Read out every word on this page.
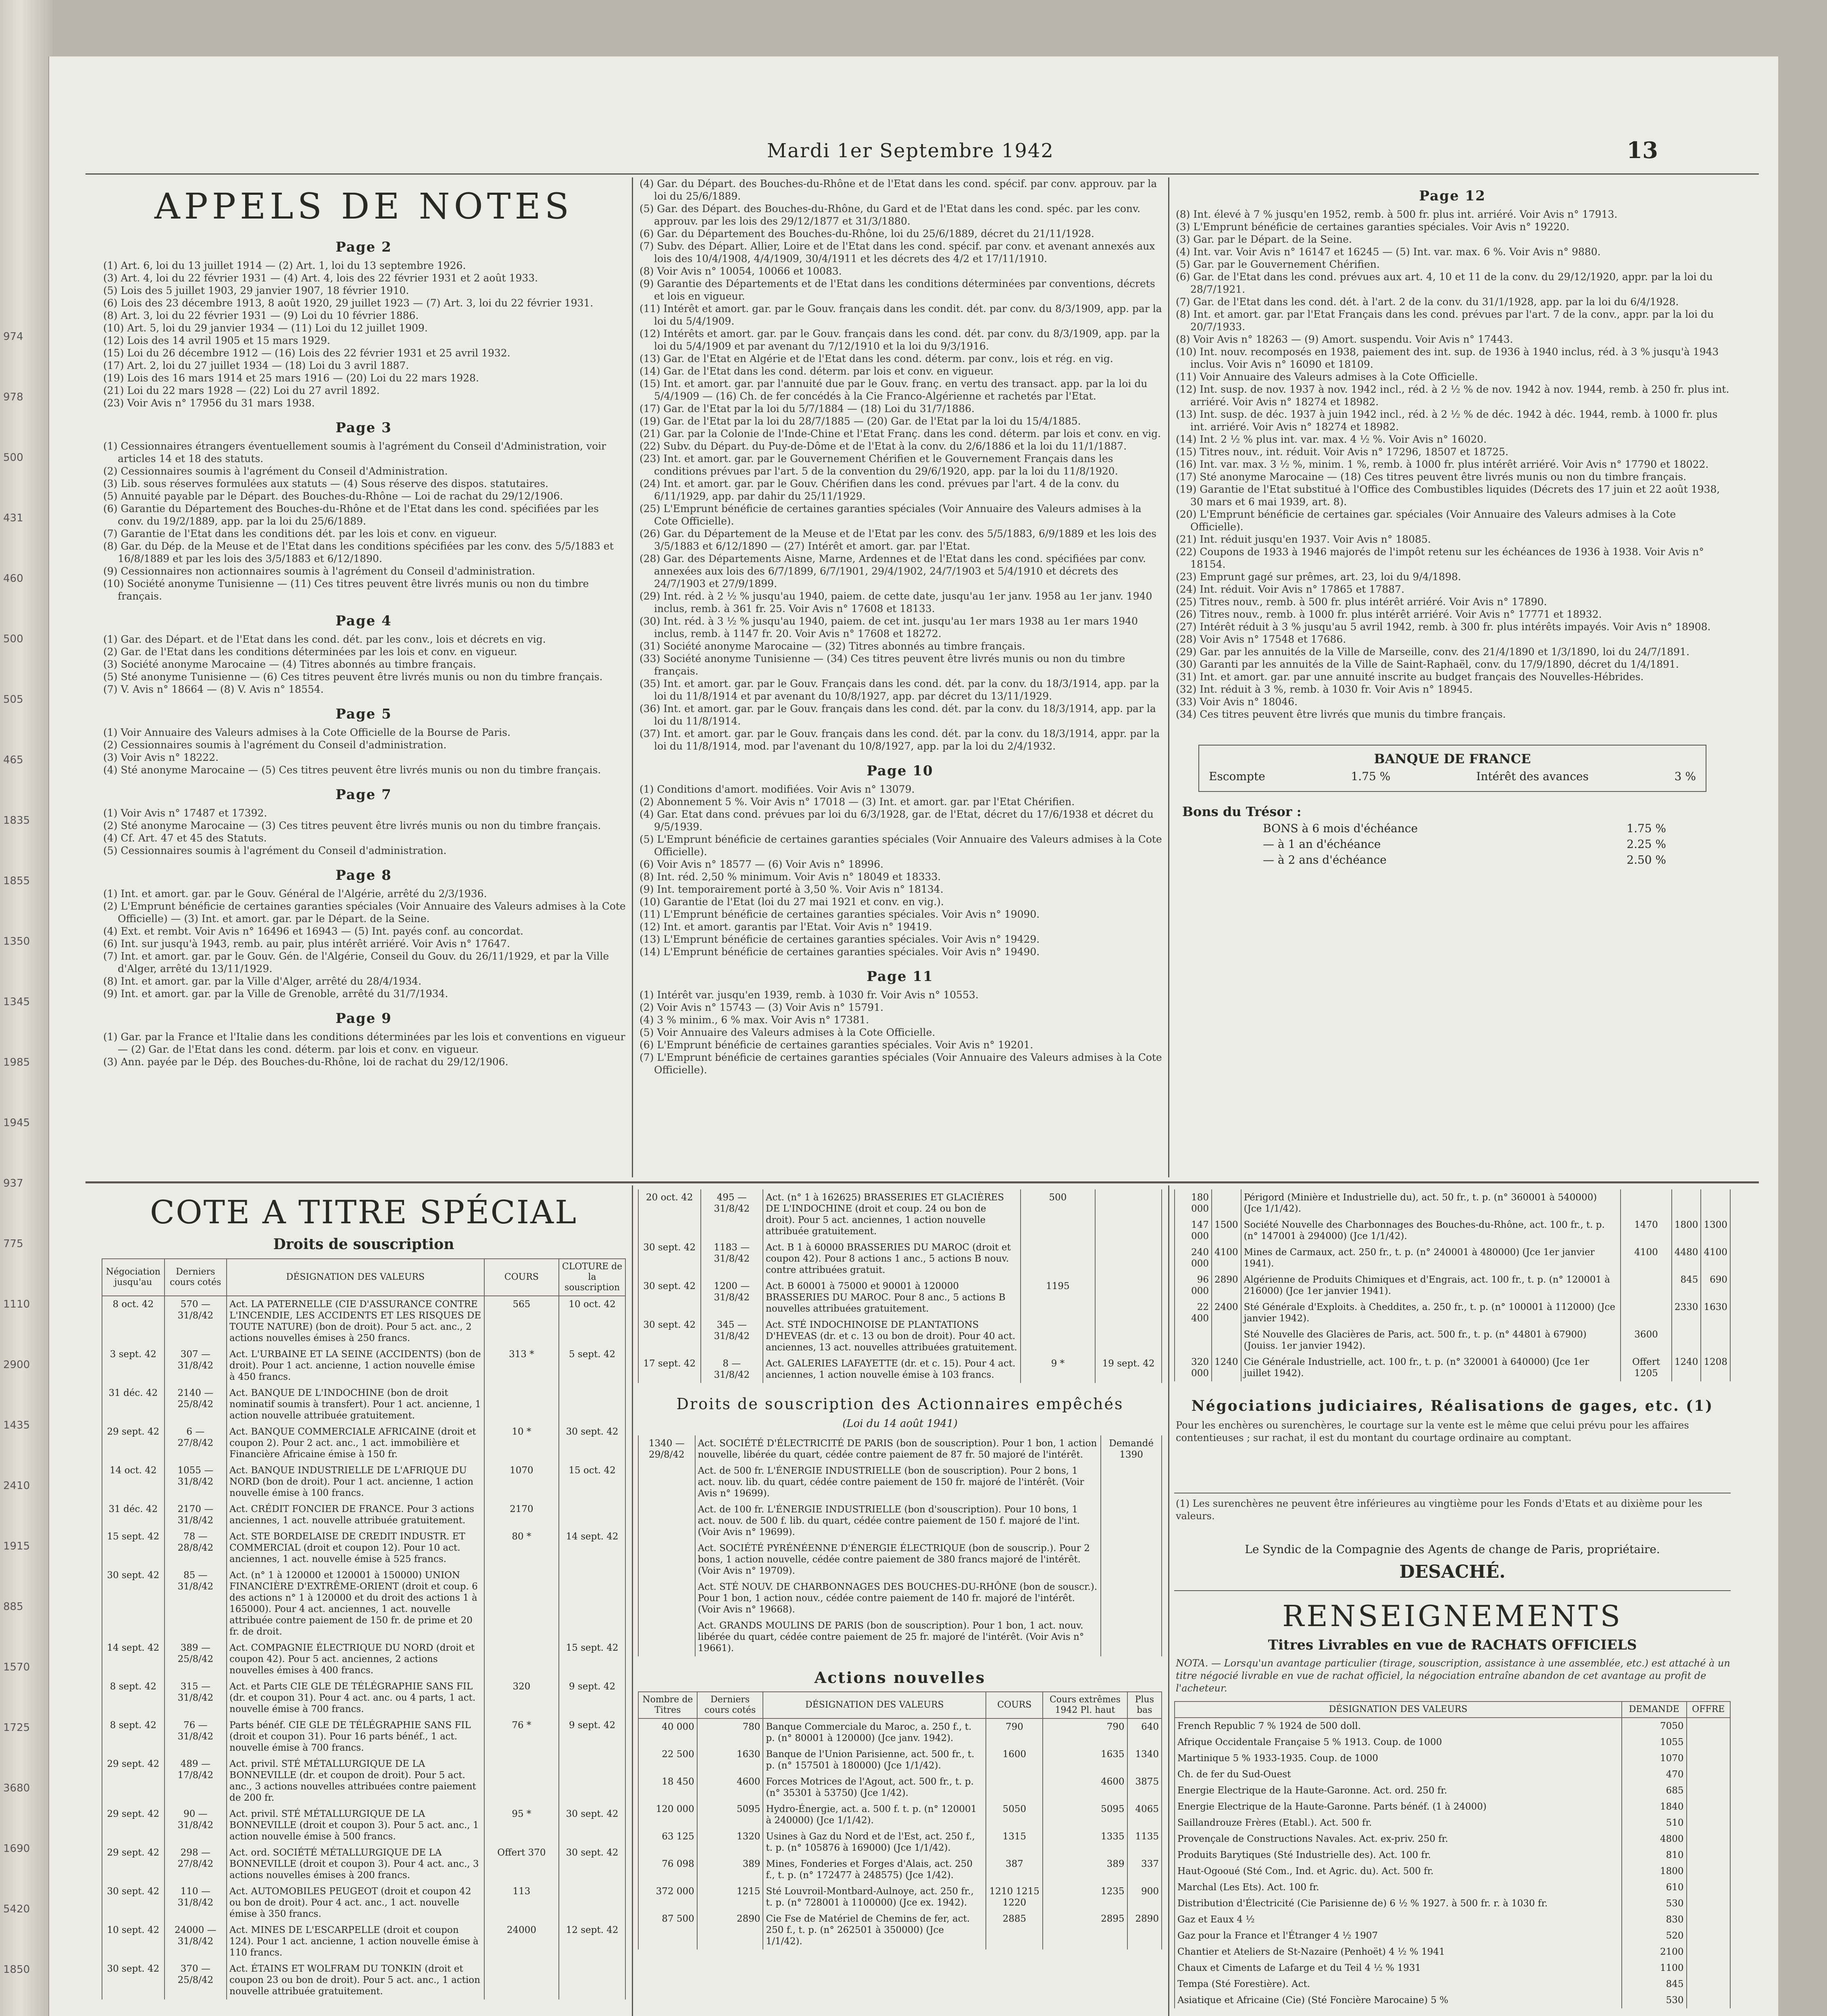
974
978
500
431
460
500
505
465
1835
1855
1350
1345
1985
1945
937
775
1110
2900
1435
2410
1915
885
1570
1725
3680
1690
5420
1850
Mardi 1er Septembre 1942	13
APPELS DE NOTES
Page 2
(1) Art. 6, loi du 13 juillet 1914 — (2) Art. 1, loi du 13 septembre 1926.
(3) Art. 4, loi du 22 février 1931 — (4) Art. 4, lois des 22 février 1931 et 2 août 1933.
(5) Lois des 5 juillet 1903, 29 janvier 1907, 18 février 1910.
(6) Lois des 23 décembre 1913, 8 août 1920, 29 juillet 1923 — (7) Art. 3, loi du 22 février 1931.
(8) Art. 3, loi du 22 février 1931 — (9) Loi du 10 février 1886.
(10) Art. 5, loi du 29 janvier 1934 — (11) Loi du 12 juillet 1909.
(12) Lois des 14 avril 1905 et 15 mars 1929.
(15) Loi du 26 décembre 1912 — (16) Lois des 22 février 1931 et 25 avril 1932.
(17) Art. 2, loi du 27 juillet 1934 — (18) Loi du 3 avril 1887.
(19) Lois des 16 mars 1914 et 25 mars 1916 — (20) Loi du 22 mars 1928.
(21) Loi du 22 mars 1928 — (22) Loi du 27 avril 1892.
(23) Voir Avis n° 17956 du 31 mars 1938.
Page 3
(1) Cessionnaires étrangers éventuellement soumis à l'agrément du Conseil d'Administration, voir articles 14 et 18 des statuts.
(2) Cessionnaires soumis à l'agrément du Conseil d'Administration.
(3) Lib. sous réserves formulées aux statuts — (4) Sous réserve des dispos. statutaires.
(5) Annuité payable par le Départ. des Bouches-du-Rhône — Loi de rachat du 29/12/1906.
(6) Garantie du Département des Bouches-du-Rhône et de l'Etat dans les cond. spécifiées par les conv. du 19/2/1889, app. par la loi du 25/6/1889.
(7) Garantie de l'Etat dans les conditions dét. par les lois et conv. en vigueur.
(8) Gar. du Dép. de la Meuse et de l'Etat dans les conditions spécifiées par les conv. des 5/5/1883 et 16/8/1889 et par les lois des 3/5/1883 et 6/12/1890.
(9) Cessionnaires non actionnaires soumis à l'agrément du Conseil d'administration.
(10) Société anonyme Tunisienne — (11) Ces titres peuvent être livrés munis ou non du timbre français.
Page 4
(1) Gar. des Départ. et de l'Etat dans les cond. dét. par les conv., lois et décrets en vig.
(2) Gar. de l'Etat dans les conditions déterminées par les lois et conv. en vigueur.
(3) Société anonyme Marocaine — (4) Titres abonnés au timbre français.
(5) Sté anonyme Tunisienne — (6) Ces titres peuvent être livrés munis ou non du timbre français.
(7) V. Avis n° 18664 — (8) V. Avis n° 18554.
Page 5
(1) Voir Annuaire des Valeurs admises à la Cote Officielle de la Bourse de Paris.
(2) Cessionnaires soumis à l'agrément du Conseil d'administration.
(3) Voir Avis n° 18222.
(4) Sté anonyme Marocaine — (5) Ces titres peuvent être livrés munis ou non du timbre français.
Page 7
(1) Voir Avis n° 17487 et 17392.
(2) Sté anonyme Marocaine — (3) Ces titres peuvent être livrés munis ou non du timbre français.
(4) Cf. Art. 47 et 45 des Statuts.
(5) Cessionnaires soumis à l'agrément du Conseil d'administration.
Page 8
(1) Int. et amort. gar. par le Gouv. Général de l'Algérie, arrêté du 2/3/1936.
(2) L'Emprunt bénéficie de certaines garanties spéciales (Voir Annuaire des Valeurs admises à la Cote Officielle) — (3) Int. et amort. gar. par le Départ. de la Seine.
(4) Ext. et rembt. Voir Avis n° 16496 et 16943 — (5) Int. payés conf. au concordat.
(6) Int. sur jusqu'à 1943, remb. au pair, plus intérêt arriéré. Voir Avis n° 17647.
(7) Int. et amort. gar. par le Gouv. Gén. de l'Algérie, Conseil du Gouv. du 26/11/1929, et par la Ville d'Alger, arrêté du 13/11/1929.
(8) Int. et amort. gar. par la Ville d'Alger, arrêté du 28/4/1934.
(9) Int. et amort. gar. par la Ville de Grenoble, arrêté du 31/7/1934.
Page 9
(1) Gar. par la France et l'Italie dans les conditions déterminées par les lois et conventions en vigueur — (2) Gar. de l'Etat dans les cond. déterm. par lois et conv. en vigueur.
(3) Ann. payée par le Dép. des Bouches-du-Rhône, loi de rachat du 29/12/1906.
(4) Gar. du Départ. des Bouches-du-Rhône et de l'Etat dans les cond. spécif. par conv. approuv. par la loi du 25/6/1889.
(5) Gar. des Départ. des Bouches-du-Rhône, du Gard et de l'Etat dans les cond. spéc. par les conv. approuv. par les lois des 29/12/1877 et 31/3/1880.
(6) Gar. du Département des Bouches-du-Rhône, loi du 25/6/1889, décret du 21/11/1928.
(7) Subv. des Départ. Allier, Loire et de l'Etat dans les cond. spécif. par conv. et avenant annexés aux lois des 10/4/1908, 4/4/1909, 30/4/1911 et les décrets des 4/2 et 17/11/1910.
(8) Voir Avis n° 10054, 10066 et 10083.
(9) Garantie des Départements et de l'Etat dans les conditions déterminées par conventions, décrets et lois en vigueur.
(11) Intérêt et amort. gar. par le Gouv. français dans les condit. dét. par conv. du 8/3/1909, app. par la loi du 5/4/1909.
(12) Intérêts et amort. gar. par le Gouv. français dans les cond. dét. par conv. du 8/3/1909, app. par la loi du 5/4/1909 et par avenant du 7/12/1910 et la loi du 9/3/1916.
(13) Gar. de l'Etat en Algérie et de l'Etat dans les cond. déterm. par conv., lois et rég. en vig.
(14) Gar. de l'Etat dans les cond. déterm. par lois et conv. en vigueur.
(15) Int. et amort. gar. par l'annuité due par le Gouv. franç. en vertu des transact. app. par la loi du 5/4/1909 — (16) Ch. de fer concédés à la Cie Franco-Algérienne et rachetés par l'Etat.
(17) Gar. de l'Etat par la loi du 5/7/1884 — (18) Loi du 31/7/1886.
(19) Gar. de l'Etat par la loi du 28/7/1885 — (20) Gar. de l'Etat par la loi du 15/4/1885.
(21) Gar. par la Colonie de l'Inde-Chine et l'Etat Franç. dans les cond. déterm. par lois et conv. en vig.
(22) Subv. du Départ. du Puy-de-Dôme et de l'Etat à la conv. du 2/6/1886 et la loi du 11/1/1887.
(23) Int. et amort. gar. par le Gouvernement Chérifien et le Gouvernement Français dans les conditions prévues par l'art. 5 de la convention du 29/6/1920, app. par la loi du 11/8/1920.
(24) Int. et amort. gar. par le Gouv. Chérifien dans les cond. prévues par l'art. 4 de la conv. du 6/11/1929, app. par dahir du 25/11/1929.
(25) L'Emprunt bénéficie de certaines garanties spéciales (Voir Annuaire des Valeurs admises à la Cote Officielle).
(26) Gar. du Département de la Meuse et de l'Etat par les conv. des 5/5/1883, 6/9/1889 et les lois des 3/5/1883 et 6/12/1890 — (27) Intérêt et amort. gar. par l'Etat.
(28) Gar. des Départements Aisne, Marne, Ardennes et de l'Etat dans les cond. spécifiées par conv. annexées aux lois des 6/7/1899, 6/7/1901, 29/4/1902, 24/7/1903 et 5/4/1910 et décrets des 24/7/1903 et 27/9/1899.
(29) Int. réd. à 2 ½ % jusqu'au 1940, paiem. de cette date, jusqu'au 1er janv. 1958 au 1er janv. 1940 inclus, remb. à 361 fr. 25. Voir Avis n° 17608 et 18133.
(30) Int. réd. à 3 ½ % jusqu'au 1940, paiem. de cet int. jusqu'au 1er mars 1938 au 1er mars 1940 inclus, remb. à 1147 fr. 20. Voir Avis n° 17608 et 18272.
(31) Société anonyme Marocaine — (32) Titres abonnés au timbre français.
(33) Société anonyme Tunisienne — (34) Ces titres peuvent être livrés munis ou non du timbre français.
(35) Int. et amort. gar. par le Gouv. Français dans les cond. dét. par la conv. du 18/3/1914, app. par la loi du 11/8/1914 et par avenant du 10/8/1927, app. par décret du 13/11/1929.
(36) Int. et amort. gar. par le Gouv. français dans les cond. dét. par la conv. du 18/3/1914, app. par la loi du 11/8/1914.
(37) Int. et amort. gar. par le Gouv. français dans les cond. dét. par la conv. du 18/3/1914, appr. par la loi du 11/8/1914, mod. par l'avenant du 10/8/1927, app. par la loi du 2/4/1932.
Page 10
(1) Conditions d'amort. modifiées. Voir Avis n° 13079.
(2) Abonnement 5 %. Voir Avis n° 17018 — (3) Int. et amort. gar. par l'Etat Chérifien.
(4) Gar. Etat dans cond. prévues par loi du 6/3/1928, gar. de l'Etat, décret du 17/6/1938 et décret du 9/5/1939.
(5) L'Emprunt bénéficie de certaines garanties spéciales (Voir Annuaire des Valeurs admises à la Cote Officielle).
(6) Voir Avis n° 18577 — (6) Voir Avis n° 18996.
(8) Int. réd. 2,50 % minimum. Voir Avis n° 18049 et 18333.
(9) Int. temporairement porté à 3,50 %. Voir Avis n° 18134.
(10) Garantie de l'Etat (loi du 27 mai 1921 et conv. en vig.).
(11) L'Emprunt bénéficie de certaines garanties spéciales. Voir Avis n° 19090.
(12) Int. et amort. garantis par l'Etat. Voir Avis n° 19419.
(13) L'Emprunt bénéficie de certaines garanties spéciales. Voir Avis n° 19429.
(14) L'Emprunt bénéficie de certaines garanties spéciales. Voir Avis n° 19490.
Page 11
(1) Intérêt var. jusqu'en 1939, remb. à 1030 fr. Voir Avis n° 10553.
(2) Voir Avis n° 15743 — (3) Voir Avis n° 15791.
(4) 3 % minim., 6 % max. Voir Avis n° 17381.
(5) Voir Annuaire des Valeurs admises à la Cote Officielle.
(6) L'Emprunt bénéficie de certaines garanties spéciales. Voir Avis n° 19201.
(7) L'Emprunt bénéficie de certaines garanties spéciales (Voir Annuaire des Valeurs admises à la Cote Officielle).
Page 12
(8) Int. élevé à 7 % jusqu'en 1952, remb. à 500 fr. plus int. arriéré. Voir Avis n° 17913.
(3) L'Emprunt bénéficie de certaines garanties spéciales. Voir Avis n° 19220.
(3) Gar. par le Départ. de la Seine.
(4) Int. var. Voir Avis n° 16147 et 16245 — (5) Int. var. max. 6 %. Voir Avis n° 9880.
(5) Gar. par le Gouvernement Chérifien.
(6) Gar. de l'Etat dans les cond. prévues aux art. 4, 10 et 11 de la conv. du 29/12/1920, appr. par la loi du 28/7/1921.
(7) Gar. de l'Etat dans les cond. dét. à l'art. 2 de la conv. du 31/1/1928, app. par la loi du 6/4/1928.
(8) Int. et amort. gar. par l'Etat Français dans les cond. prévues par l'art. 7 de la conv., appr. par la loi du 20/7/1933.
(8) Voir Avis n° 18263 — (9) Amort. suspendu. Voir Avis n° 17443.
(10) Int. nouv. recomposés en 1938, paiement des int. sup. de 1936 à 1940 inclus, réd. à 3 % jusqu'à 1943 inclus. Voir Avis n° 16090 et 18109.
(11) Voir Annuaire des Valeurs admises à la Cote Officielle.
(12) Int. susp. de nov. 1937 à nov. 1942 incl., réd. à 2 ½ % de nov. 1942 à nov. 1944, remb. à 250 fr. plus int. arriéré. Voir Avis n° 18274 et 18982.
(13) Int. susp. de déc. 1937 à juin 1942 incl., réd. à 2 ½ % de déc. 1942 à déc. 1944, remb. à 1000 fr. plus int. arriéré. Voir Avis n° 18274 et 18982.
(14) Int. 2 ½ % plus int. var. max. 4 ½ %. Voir Avis n° 16020.
(15) Titres nouv., int. réduit. Voir Avis n° 17296, 18507 et 18725.
(16) Int. var. max. 3 ½ %, minim. 1 %, remb. à 1000 fr. plus intérêt arriéré. Voir Avis n° 17790 et 18022.
(17) Sté anonyme Marocaine — (18) Ces titres peuvent être livrés munis ou non du timbre français.
(19) Garantie de l'Etat substitué à l'Office des Combustibles liquides (Décrets des 17 juin et 22 août 1938, 30 mars et 6 mai 1939, art. 8).
(20) L'Emprunt bénéficie de certaines gar. spéciales (Voir Annuaire des Valeurs admises à la Cote Officielle).
(21) Int. réduit jusqu'en 1937. Voir Avis n° 18085.
(22) Coupons de 1933 à 1946 majorés de l'impôt retenu sur les échéances de 1936 à 1938. Voir Avis n° 18154.
(23) Emprunt gagé sur prêmes, art. 23, loi du 9/4/1898.
(24) Int. réduit. Voir Avis n° 17865 et 17887.
(25) Titres nouv., remb. à 500 fr. plus intérêt arriéré. Voir Avis n° 17890.
(26) Titres nouv., remb. à 1000 fr. plus intérêt arriéré. Voir Avis n° 17771 et 18932.
(27) Intérêt réduit à 3 % jusqu'au 5 avril 1942, remb. à 300 fr. plus intérêts impayés. Voir Avis n° 18908.
(28) Voir Avis n° 17548 et 17686.
(29) Gar. par les annuités de la Ville de Marseille, conv. des 21/4/1890 et 1/3/1890, loi du 24/7/1891.
(30) Garanti par les annuités de la Ville de Saint-Raphaël, conv. du 17/9/1890, décret du 1/4/1891.
(31) Int. et amort. gar. par une annuité inscrite au budget français des Nouvelles-Hébrides.
(32) Int. réduit à 3 %, remb. à 1030 fr. Voir Avis n° 18945.
(33) Voir Avis n° 18046.
(34) Ces titres peuvent être livrés que munis du timbre français.
BANQUE DE FRANCE
Escompte	1.75 %	Intérêt des avances	3 %
Bons du Trésor :
BONS à 6 mois d'échéance	1.75 %
— à 1 an d'échéance	2.25 %
— à 2 ans d'échéance	2.50 %
COTE A TITRE SPÉCIAL
Droits de souscription
Négociation jusqu'au	Derniers cours cotés	DÉSIGNATION DES VALEURS	COURS	CLOTURE de la souscription
8 oct. 42	570 — 31/8/42	Act. LA PATERNELLE (CIE D'ASSURANCE CONTRE L'INCENDIE, LES ACCIDENTS ET LES RISQUES DE TOUTE NATURE) (bon de droit). Pour 5 act. anc., 2 actions nouvelles émises à 250 francs.	565	10 oct. 42
3 sept. 42	307 — 31/8/42	Act. L'URBAINE ET LA SEINE (ACCIDENTS) (bon de droit). Pour 1 act. ancienne, 1 action nouvelle émise à 450 francs.	313 *	5 sept. 42
31 déc. 42	2140 — 25/8/42	Act. BANQUE DE L'INDOCHINE (bon de droit nominatif soumis à transfert). Pour 1 act. ancienne, 1 action nouvelle attribuée gratuitement.		
29 sept. 42	6 — 27/8/42	Act. BANQUE COMMERCIALE AFRICAINE (droit et coupon 2). Pour 2 act. anc., 1 act. immobilière et Financière Africaine émise à 150 fr.	10 *	30 sept. 42
14 oct. 42	1055 — 31/8/42	Act. BANQUE INDUSTRIELLE DE L'AFRIQUE DU NORD (bon de droit). Pour 1 act. ancienne, 1 action nouvelle émise à 100 francs.	1070	15 oct. 42
31 déc. 42	2170 — 31/8/42	Act. CRÉDIT FONCIER DE FRANCE. Pour 3 actions anciennes, 1 act. nouvelle attribuée gratuitement.	2170	
15 sept. 42	78 — 28/8/42	Act. STE BORDELAISE DE CREDIT INDUSTR. ET COMMERCIAL (droit et coupon 12). Pour 10 act. anciennes, 1 act. nouvelle émise à 525 francs.	80 *	14 sept. 42
30 sept. 42	85 — 31/8/42	Act. (n° 1 à 120000 et 120001 à 150000) UNION FINANCIÈRE D'EXTRÊME-ORIENT (droit et coup. 6 des actions n° 1 à 120000 et du droit des actions 1 à 165000). Pour 4 act. anciennes, 1 act. nouvelle attribuée contre paiement de 150 fr. de prime et 20 fr. de droit.		
14 sept. 42	389 — 25/8/42	Act. COMPAGNIE ÉLECTRIQUE DU NORD (droit et coupon 42). Pour 5 act. anciennes, 2 actions nouvelles émises à 400 francs.		15 sept. 42
8 sept. 42	315 — 31/8/42	Act. et Parts CIE GLE DE TÉLÉGRAPHIE SANS FIL (dr. et coupon 31). Pour 4 act. anc. ou 4 parts, 1 act. nouvelle émise à 700 francs.	320	9 sept. 42
8 sept. 42	76 — 31/8/42	Parts bénéf. CIE GLE DE TÉLÉGRAPHIE SANS FIL (droit et coupon 31). Pour 16 parts bénéf., 1 act. nouvelle émise à 700 francs.	76 *	9 sept. 42
29 sept. 42	489 — 17/8/42	Act. privil. STÉ MÉTALLURGIQUE DE LA BONNEVILLE (dr. et coupon de droit). Pour 5 act. anc., 3 actions nouvelles attribuées contre paiement de 200 fr.		
29 sept. 42	90 — 31/8/42	Act. privil. STÉ MÉTALLURGIQUE DE LA BONNEVILLE (droit et coupon 3). Pour 5 act. anc., 1 action nouvelle émise à 500 francs.	95 *	30 sept. 42
29 sept. 42	298 — 27/8/42	Act. ord. SOCIÉTÉ MÉTALLURGIQUE DE LA BONNEVILLE (droit et coupon 3). Pour 4 act. anc., 3 actions nouvelles émises à 200 francs.	Offert 370	30 sept. 42
30 sept. 42	110 — 31/8/42	Act. AUTOMOBILES PEUGEOT (droit et coupon 42 ou bon de droit). Pour 4 act. anc., 1 act. nouvelle émise à 350 francs.	113	
10 sept. 42	24000 — 31/8/42	Act. MINES DE L'ESCARPELLE (droit et coupon 124). Pour 1 act. ancienne, 1 action nouvelle émise à 110 francs.	24000	12 sept. 42
30 sept. 42	370 — 25/8/42	Act. ÉTAINS ET WOLFRAM DU TONKIN (droit et coupon 23 ou bon de droit). Pour 5 act. anc., 1 action nouvelle attribuée gratuitement.		
20 oct. 42	495 — 31/8/42	Act. (n° 1 à 162625) BRASSERIES ET GLACIÈRES DE L'INDOCHINE (droit et coup. 24 ou bon de droit). Pour 5 act. anciennes, 1 action nouvelle attribuée gratuitement.	500	
30 sept. 42	1183 — 31/8/42	Act. B 1 à 60000 BRASSERIES DU MAROC (droit et coupon 42). Pour 8 actions 1 anc., 5 actions B nouv. contre attribuées gratuit.		
30 sept. 42	1200 — 31/8/42	Act. B 60001 à 75000 et 90001 à 120000 BRASSERIES DU MAROC. Pour 8 anc., 5 actions B nouvelles attribuées gratuitement.	1195	
30 sept. 42	345 — 31/8/42	Act. STÉ INDOCHINOISE DE PLANTATIONS D'HEVEAS (dr. et c. 13 ou bon de droit). Pour 40 act. anciennes, 13 act. nouvelles attribuées gratuitement.		
17 sept. 42	8 — 31/8/42	Act. GALERIES LAFAYETTE (dr. et c. 15). Pour 4 act. anciennes, 1 action nouvelle émise à 103 francs.	9 *	19 sept. 42
Droits de souscription des Actionnaires empêchés
(Loi du 14 août 1941)
1340 — 29/8/42	Act. SOCIÉTÉ D'ÉLECTRICITÉ DE PARIS (bon de souscription). Pour 1 bon, 1 action nouvelle, libérée du quart, cédée contre paiement de 87 fr. 50 majoré de l'intérêt.	Demandé 1390
	Act. de 500 fr. L'ÉNERGIE INDUSTRIELLE (bon de souscription). Pour 2 bons, 1 act. nouv. lib. du quart, cédée contre paiement de 150 fr. majoré de l'intérêt. (Voir Avis n° 19699).	
	Act. de 100 fr. L'ÉNERGIE INDUSTRIELLE (bon d'souscription). Pour 10 bons, 1 act. nouv. de 500 f. lib. du quart, cédée contre paiement de 150 f. majoré de l'int. (Voir Avis n° 19699).	
	Act. SOCIÉTÉ PYRÉNÉENNE D'ÉNERGIE ÉLECTRIQUE (bon de souscrip.). Pour 2 bons, 1 action nouvelle, cédée contre paiement de 380 francs majoré de l'intérêt. (Voir Avis n° 19709).	
	Act. STÉ NOUV. DE CHARBONNAGES DES BOUCHES-DU-RHÔNE (bon de souscr.). Pour 1 bon, 1 action nouv., cédée contre paiement de 140 fr. majoré de l'intérêt. (Voir Avis n° 19668).	
	Act. GRANDS MOULINS DE PARIS (bon de souscription). Pour 1 bon, 1 act. nouv. libérée du quart, cédée contre paiement de 25 fr. majoré de l'intérêt. (Voir Avis n° 19661).	
Actions nouvelles
Nombre de Titres	Derniers cours cotés	DÉSIGNATION DES VALEURS	COURS	Cours extrêmes 1942 Pl. haut	Plus bas
40 000	780	Banque Commerciale du Maroc, a. 250 f., t. p. (n° 80001 à 120000) (Jce janv. 1942).	790	790	640
22 500	1630	Banque de l'Union Parisienne, act. 500 fr., t. p. (n° 157501 à 180000) (Jce 1/1/42).	1600	1635	1340
18 450	4600	Forces Motrices de l'Agout, act. 500 fr., t. p. (n° 35301 à 53750) (Jce 1/42).		4600	3875
120 000	5095	Hydro-Énergie, act. a. 500 f. t. p. (n° 120001 à 240000) (Jce 1/1/42).	5050	5095	4065
63 125	1320	Usines à Gaz du Nord et de l'Est, act. 250 f., t. p. (n° 105876 à 169000) (Jce 1/1/42).	1315	1335	1135
76 098	389	Mines, Fonderies et Forges d'Alais, act. 250 f., t. p. (n° 172477 à 248575) (Jce 1/42).	387	389	337
372 000	1215	Sté Louvroil-Montbard-Aulnoye, act. 250 fr., t. p. (n° 728001 à 1100000) (Jce ex. 1942).	1210 1215 1220	1235	900
87 500	2890	Cie Fse de Matériel de Chemins de fer, act. 250 f., t. p. (n° 262501 à 350000) (Jce 1/1/42).	2885	2895	2890
180 000		Périgord (Minière et Industrielle du), act. 50 fr., t. p. (n° 360001 à 540000) (Jce 1/1/42).			
147 000	1500	Société Nouvelle des Charbonnages des Bouches-du-Rhône, act. 100 fr., t. p. (n° 147001 à 294000) (Jce 1/1/42).	1470	1800	1300
240 000	4100	Mines de Carmaux, act. 250 fr., t. p. (n° 240001 à 480000) (Jce 1er janvier 1941).	4100	4480	4100
96 000	2890	Algérienne de Produits Chimiques et d'Engrais, act. 100 fr., t. p. (n° 120001 à 216000) (Jce 1er janvier 1941).		845	690
22 400	2400	Sté Générale d'Exploits. à Cheddites, a. 250 fr., t. p. (n° 100001 à 112000) (Jce janvier 1942).		2330	1630
		Sté Nouvelle des Glacières de Paris, act. 500 fr., t. p. (n° 44801 à 67900) (Jouiss. 1er janvier 1942).	3600		
320 000	1240	Cie Générale Industrielle, act. 100 fr., t. p. (n° 320001 à 640000) (Jce 1er juillet 1942).	Offert 1205	1240	1208
Négociations judiciaires, Réalisations de gages, etc. (1)
Pour les enchères ou surenchères, le courtage sur la vente est le même que celui prévu pour les affaires contentieuses ; sur rachat, il est du montant du courtage ordinaire au comptant.
(1) Les surenchères ne peuvent être inférieures au vingtième pour les Fonds d'Etats et au dixième pour les valeurs.
Le Syndic de la Compagnie des Agents de change de Paris, propriétaire.
DESACHÉ.
RENSEIGNEMENTS
Titres Livrables en vue de RACHATS OFFICIELS
NOTA. — Lorsqu'un avantage particulier (tirage, souscription, assistance à une assemblée, etc.) est attaché à un titre négocié livrable en vue de rachat officiel, la négociation entraîne abandon de cet avantage au profit de l'acheteur.
DÉSIGNATION DES VALEURS	DEMANDE	OFFRE
French Republic 7 % 1924 de 500 doll.	7050	
Afrique Occidentale Française 5 % 1913. Coup. de 1000	1055	
Martinique 5 % 1933-1935. Coup. de 1000	1070	
Ch. de fer du Sud-Ouest	470	
Energie Electrique de la Haute-Garonne. Act. ord. 250 fr.	685	
Energie Electrique de la Haute-Garonne. Parts bénéf. (1 à 24000)	1840	
Saillandrouze Frères (Etabl.). Act. 500 fr.	510	
Provençale de Constructions Navales. Act. ex-priv. 250 fr.	4800	
Produits Barytiques (Sté Industrielle des). Act. 100 fr.	810	
Haut-Ogooué (Sté Com., Ind. et Agric. du). Act. 500 fr.	1800	
Marchal (Les Ets). Act. 100 fr.	610	
Distribution d'Électricité (Cie Parisienne de) 6 ½ % 1927. à 500 fr. r. à 1030 fr.	530	
Gaz et Eaux 4 ½	830	
Gaz pour la France et l'Étranger 4 ½ 1907	520	
Chantier et Ateliers de St-Nazaire (Penhoët) 4 ½ % 1941	2100	
Chaux et Ciments de Lafarge et du Teil 4 ½ % 1931	1100	
Tempa (Sté Forestière). Act.	845	
Asiatique et Africaine (Cie) (Sté Foncière Marocaine) 5 %	530	
